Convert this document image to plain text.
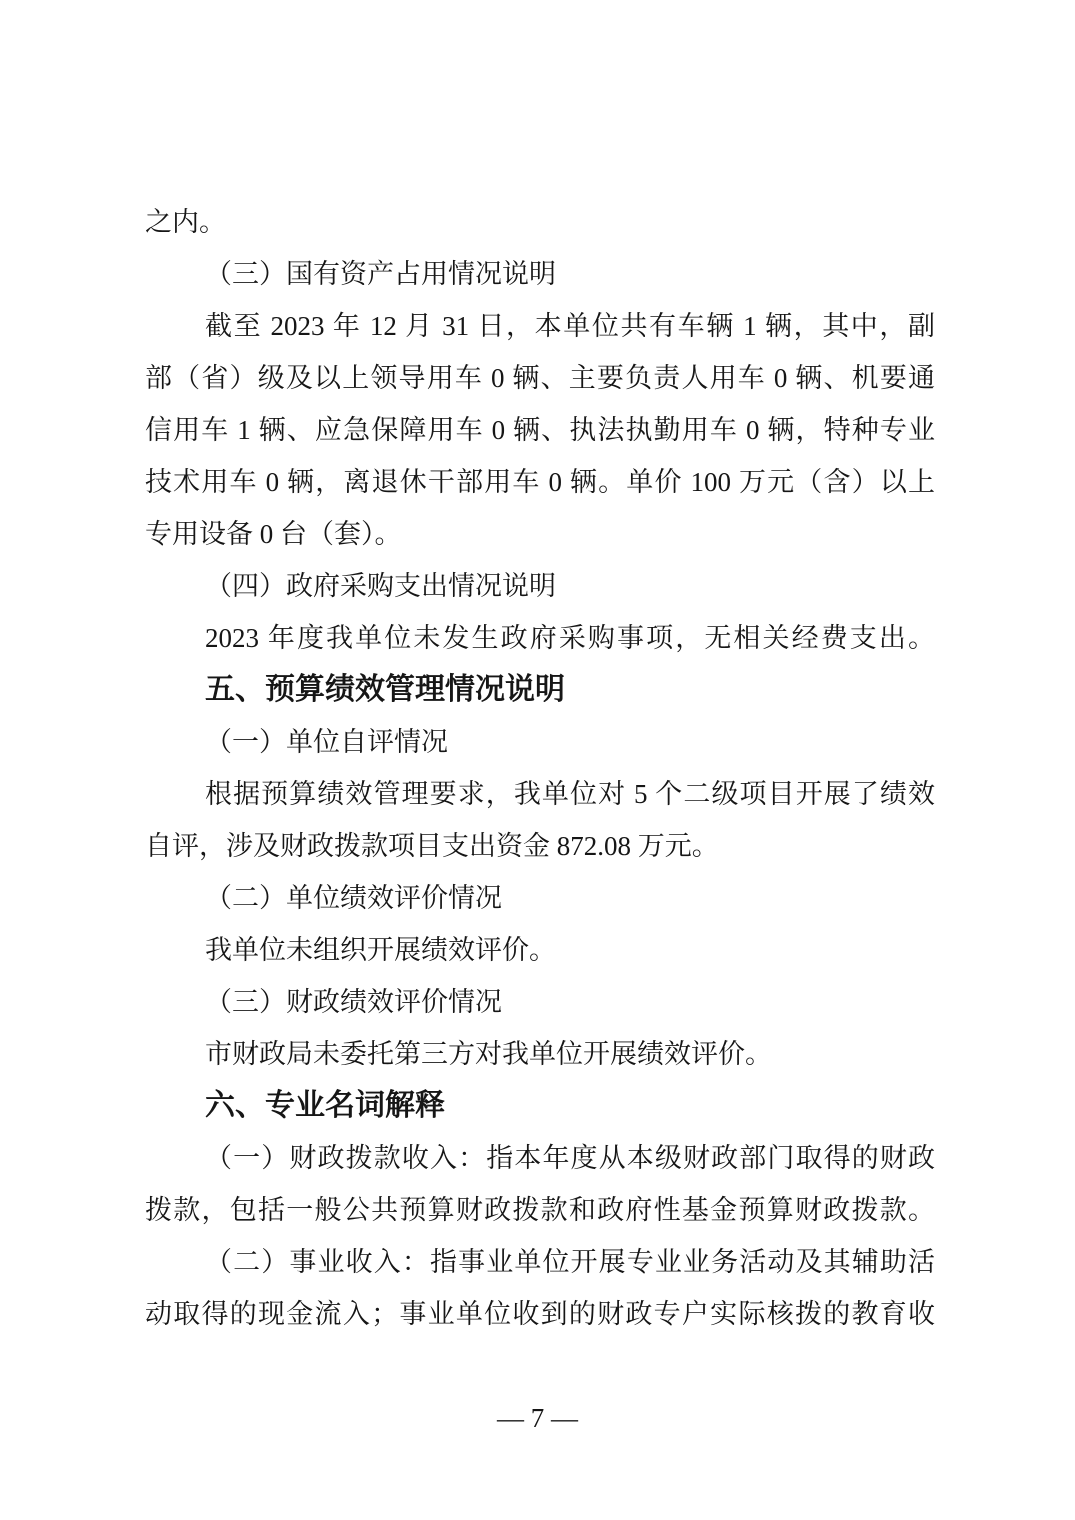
之内。
（三）国有资产占用情况说明
截至 2023 年 12 月 31 日，本单位共有车辆 1 辆，其中，副
部（省）级及以上领导用车 0 辆、主要负责人用车 0 辆、机要通
信用车 1 辆、应急保障用车 0 辆、执法执勤用车 0 辆，特种专业
技术用车 0 辆，离退休干部用车 0 辆。单价 100 万元（含）以上
专用设备 0 台（套）。
（四）政府采购支出情况说明
2023 年度我单位未发生政府采购事项，无相关经费支出。
五、预算绩效管理情况说明
（一）单位自评情况
根据预算绩效管理要求，我单位对 5 个二级项目开展了绩效
自评，涉及财政拨款项目支出资金 872.08 万元。
（二）单位绩效评价情况
我单位未组织开展绩效评价。
（三）财政绩效评价情况
市财政局未委托第三方对我单位开展绩效评价。
六、专业名词解释
（一）财政拨款收入：指本年度从本级财政部门取得的财政
拨款，包括一般公共预算财政拨款和政府性基金预算财政拨款。
（二）事业收入：指事业单位开展专业业务活动及其辅助活
动取得的现金流入；事业单位收到的财政专户实际核拨的教育收
— 7 —
